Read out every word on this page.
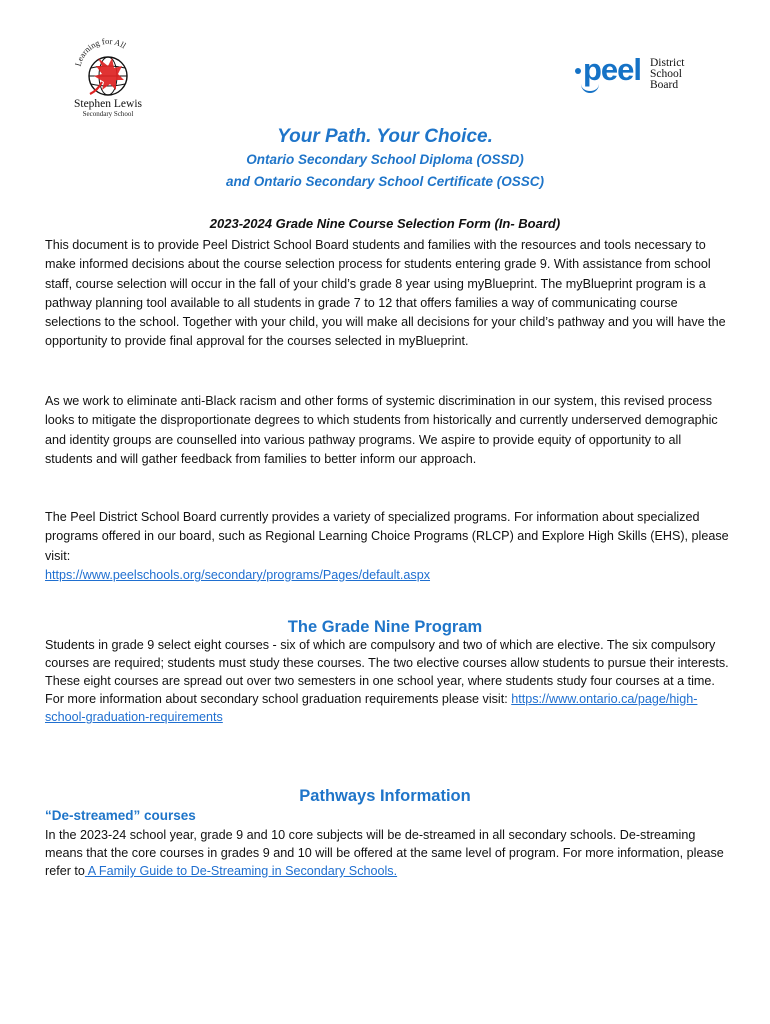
Learning for All
Stephen Lewis
Secondary School
peel District
School Board
Your Path. Your Choice.
Ontario Secondary School Diploma (OSSD)
and Ontario Secondary School Certificate (OSSC)
2023-2024 Grade Nine Course Selection Form (In- Board)
This document is to provide Peel District School Board students and families with the resources and tools necessary to make informed decisions about the course selection process for students entering grade 9. With assistance from school staff, course selection will occur in the fall of your child’s grade 8 year using myBlueprint. The myBlueprint program is a pathway planning tool available to all students in grade 7 to 12 that offers families a way of communicating course selections to the school. Together with your child, you will make all decisions for your child’s pathway and you will have the opportunity to provide final approval for the courses selected in myBlueprint.
As we work to eliminate anti-Black racism and other forms of systemic discrimination in our system, this revised process looks to mitigate the disproportionate degrees to which students from historically and currently underserved demographic and identity groups are counselled into various pathway programs. We aspire to provide equity of opportunity to all students and will gather feedback from families to better inform our approach.
The Peel District School Board currently provides a variety of specialized programs. For information about specialized programs offered in our board, such as Regional Learning Choice Programs (RLCP) and Explore High Skills (EHS), please visit:
https://www.peelschools.org/secondary/programs/Pages/default.aspx
The Grade Nine Program
Students in grade 9 select eight courses - six of which are compulsory and two of which are elective. The six compulsory courses are required; students must study these courses. The two elective courses allow students to pursue their interests. These eight courses are spread out over two semesters in one school year, where students study four courses at a time. For more information about secondary school graduation requirements please visit: https://www.ontario.ca/page/high-school-graduation-requirements
Pathways Information
“De-streamed” courses
In the 2023-24 school year, grade 9 and 10 core subjects will be de-streamed in all secondary schools. De-streaming means that the core courses in grades 9 and 10 will be offered at the same level of program. For more information, please refer to A Family Guide to De-Streaming in Secondary Schools.
